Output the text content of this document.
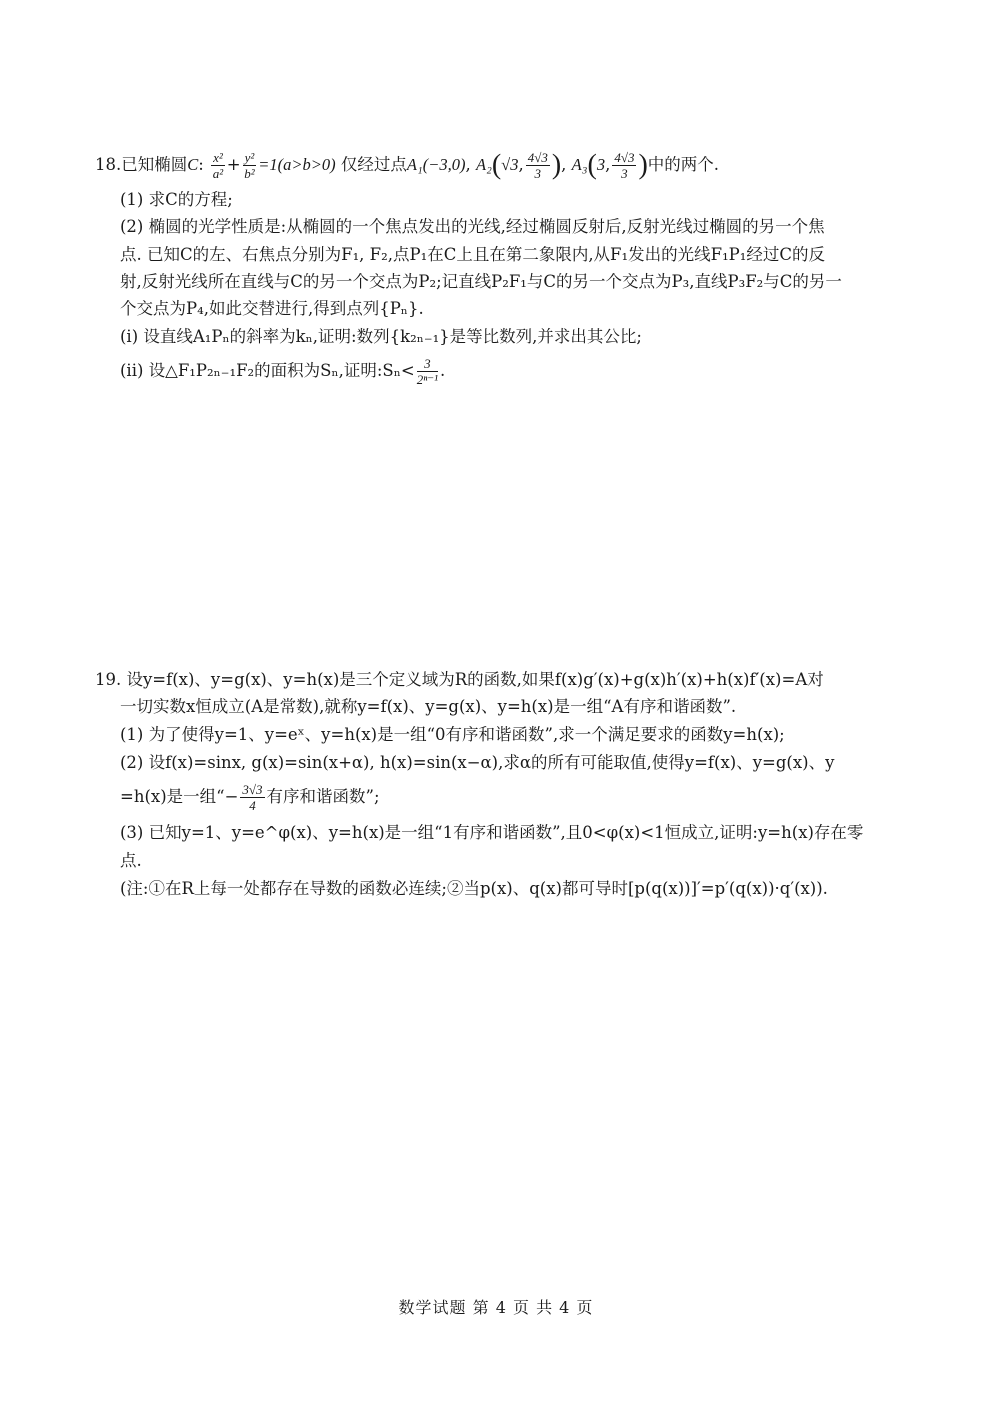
18.已知椭圆C: $\frac{\text{x²}}{\text{a²}} + \frac{\text{y²}}{\text{b²}} =1(a>b>0)$ 仅经过点A₁(−3,0), A₂(√3, $\frac{4√3}{3}$ ), A₃(3, $\frac{4√3}{3}$ )中的两个.
(1) 求C的方程;
(2) 椭圆的光学性质是:从椭圆的一个焦点发出的光线,经过椭圆反射后,反射光线过椭圆的另一个焦
点. 已知C的左、右焦点分别为F₁, F₂,点P₁在C上且在第二象限内,从F₁发出的光线F₁P₁经过C的反
射,反射光线所在直线与C的另一个交点为P₂;记直线P₂F₁与C的另一个交点为P₃,直线P₃F₂与C的另一
个交点为P₄,如此交替进行,得到点列{Pₙ}.
(i) 设直线A₁Pₙ的斜率为kₙ,证明:数列{k₂ₙ₋₁}是等比数列,并求出其公比;
(ii) 设△F₁P₂ₙ₋₁F₂的面积为Sₙ,证明:Sₙ< $\frac{3}{\text{2ⁿ⁻¹}}$ .
19. 设y=f(x)、y=g(x)、y=h(x)是三个定义域为R的函数,如果f(x)g′(x)+g(x)h′(x)+h(x)f′(x)=A对
一切实数x恒成立(A是常数),就称y=f(x)、y=g(x)、y=h(x)是一组“A有序和谐函数”.
(1) 为了使得y=1、y=eˣ、y=h(x)是一组“0有序和谐函数”,求一个满足要求的函数y=h(x);
(2) 设f(x)=sinx, g(x)=sin(x+α), h(x)=sin(x−α),求α的所有可能取值,使得y=f(x)、y=g(x)、y
=h(x)是一组“− $\frac{3√3}{4}$ 有序和谐函数”;
(3) 已知y=1、y=e^φ(x)、y=h(x)是一组“1有序和谐函数”,且0<φ(x)<1恒成立,证明:y=h(x)存在零
点.
(注:①在R上每一处都存在导数的函数必连续;②当p(x)、q(x)都可导时[p(q(x))]′=p′(q(x))·q′(x)).
数学试题 第 4 页 共 4 页
